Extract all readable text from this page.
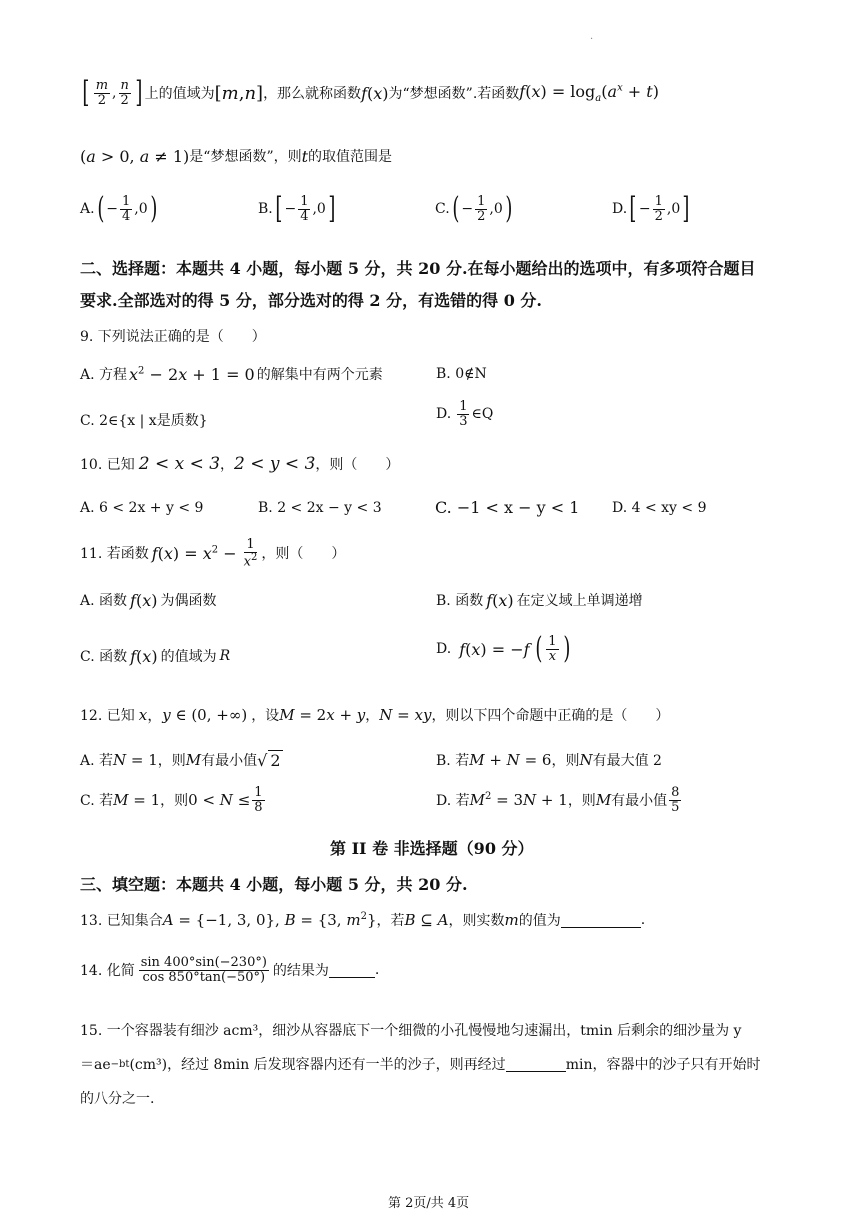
·
[ $\frac{m}{2}$ , $\frac{n}{2}$ ] 上的值域为 [m,n] ，那么就称函数 f(x) 为“梦想函数”.若函数 $f(x) = \log_a(a^x + t)$
(a > 0, a ≠ 1) 是“梦想函数”，则 t 的取值范围是
A. ( − $\frac{1}{4} ,0$ )	B. [ − $\frac{1}{4} ,0$ ]	C. ( − $\frac{1}{2} ,0$ )	D. [ − $\frac{1}{2} ,0$ ]
二、选择题：本题共 4 小题，每小题 5 分，共 20 分.在每小题给出的选项中，有多项符合题目
要求.全部选对的得 5 分，部分选对的得 2 分，有选错的得 0 分.
9. 下列说法正确的是（　　）
A. 方程 $x^2 - 2x + 1 = 0$ 的解集中有两个元素	B. 0∉N
C. 2∈{x | x是质数}	D. $\frac{1}{3}$ ∈Q
10. 已知 2 < x < 3 ， 2 < y < 3 ，则（　　）
A. 6 < 2x + y < 9	B. 2 < 2x − y < 3	C. −1 < x − y < 1 D. 4 < xy < 9
11. 若函数 $f(x) = x^2 - \frac{1}{x^2}$ ，则（　　）
A. 函数 f(x) 为偶函数	B. 函数 f(x) 在定义域上单调递增
C. 函数 f(x) 的值域为 R	D. f(x) = −f ( $\frac{1}{x}$ )
12. 已知 x，y ∈ (0, +∞) ，设 M = 2x + y ， N = xy ，则以下四个命题中正确的是（　　）
A. 若 N = 1 ，则 M 有最小值 √ 2	B. 若 M + N = 6 ，则 N 有最大值 2
C. 若 M = 1 ，则 $0 < N \le \frac{1}{8}$	D. 若 $M^2 = 3N + 1$ ，则 M 有最小值 $\frac{8}{5}$
第 II 卷 非选择题（90 分）
三、填空题：本题共 4 小题，每小题 5 分，共 20 分.
13. 已知集合 A = {−1, 3, 0}, B = {3, $m^2$} ，若 B ⊆ A ，则实数 m 的值为	.
14. 化简 $\frac{\sin 400^\circ\sin(-230^\circ)}{\cos 850^\circ\tan(-50^\circ)}$ 的结果为	.
15. 一个容器装有细沙 acm³，细沙从容器底下一个细微的小孔慢慢地匀速漏出，tmin 后剩余的细沙量为 y
＝ae −bt (cm³)，经过 8min 后发现容器内还有一半的沙子，则再经过	min，容器中的沙子只有开始时
的八分之一.
第 2页/共 4页
